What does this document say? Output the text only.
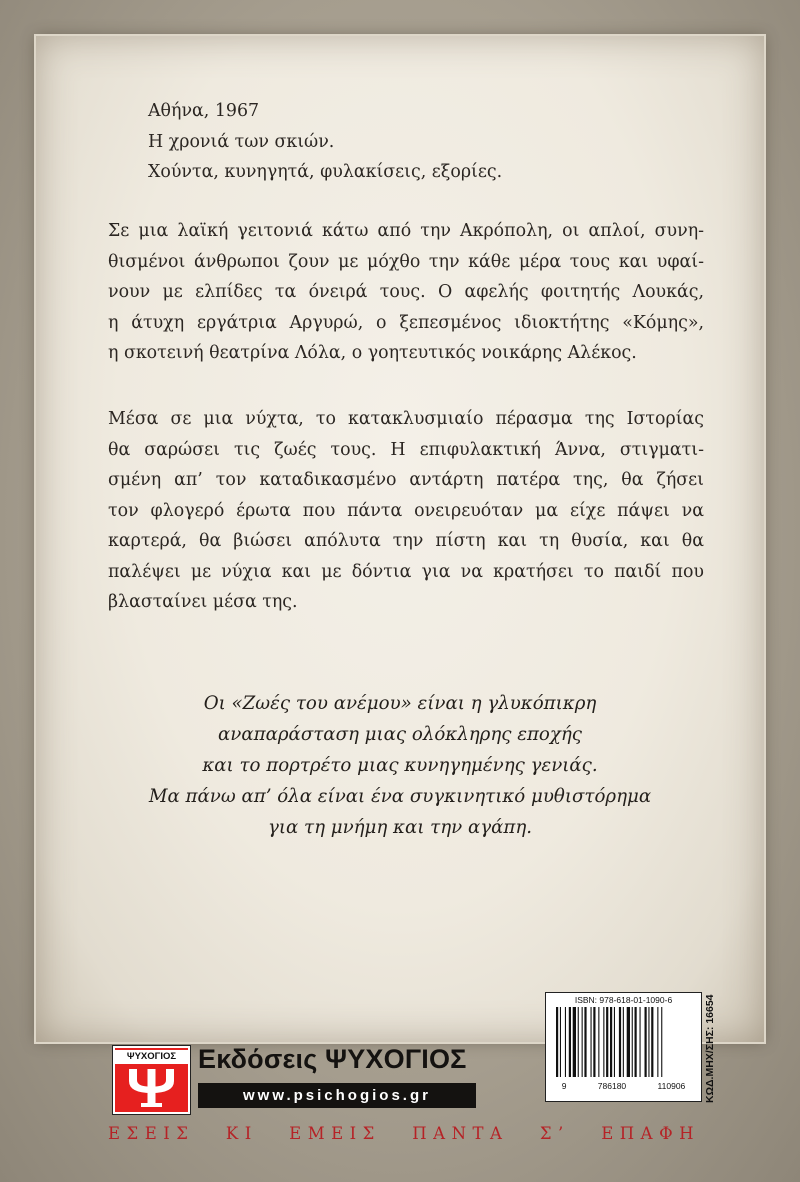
Αθήνα, 1967
Η χρονιά των σκιών.
Χούντα, κυνηγητά, φυλακίσεις, εξορίες.
Σε μια λαϊκή γειτονιά κάτω από την Ακρόπολη, οι απλοί, συνη-
θισμένοι άνθρωποι ζουν με μόχθο την κάθε μέρα τους και υφαί-
νουν με ελπίδες τα όνειρά τους. Ο αφελής φοιτητής Λουκάς,
η άτυχη εργάτρια Αργυρώ, ο ξεπεσμένος ιδιοκτήτης «Κόμης»,
η σκοτεινή θεατρίνα Λόλα, ο γοητευτικός νοικάρης Αλέκος.
Μέσα σε μια νύχτα, το κατακλυσμιαίο πέρασμα της Ιστορίας
θα σαρώσει τις ζωές τους. Η επιφυλακτική Άννα, στιγματι-
σμένη απ’ τον καταδικασμένο αντάρτη πατέρα της, θα ζήσει
τον φλογερό έρωτα που πάντα ονειρευόταν μα είχε πάψει να
καρτερά, θα βιώσει απόλυτα την πίστη και τη θυσία, και θα
παλέψει με νύχια και με δόντια για να κρατήσει το παιδί που
βλασταίνει μέσα της.
Οι «Ζωές του ανέμου» είναι η γλυκόπικρη
αναπαράσταση μιας ολόκληρης εποχής
και το πορτρέτο μιας κυνηγημένης γενιάς.
Μα πάνω απ’ όλα είναι ένα συγκινητικό μυθιστόρημα
για τη μνήμη και την αγάπη.
ISBN: 978-618-01-1090-6
9	786180	110906 ΚΩΔ.ΜΗΧ/ΣΗΣ: 16654
ΨΥΧΟΓΙΟΣ Εκδόσεις ΨΥΧΟΓΙΟΣ
www.psichogios.gr
ΕΣΕΙΣ ΚΙ ΕΜΕΙΣ ΠΑΝΤΑ Σ’ ΕΠΑΦΗ
